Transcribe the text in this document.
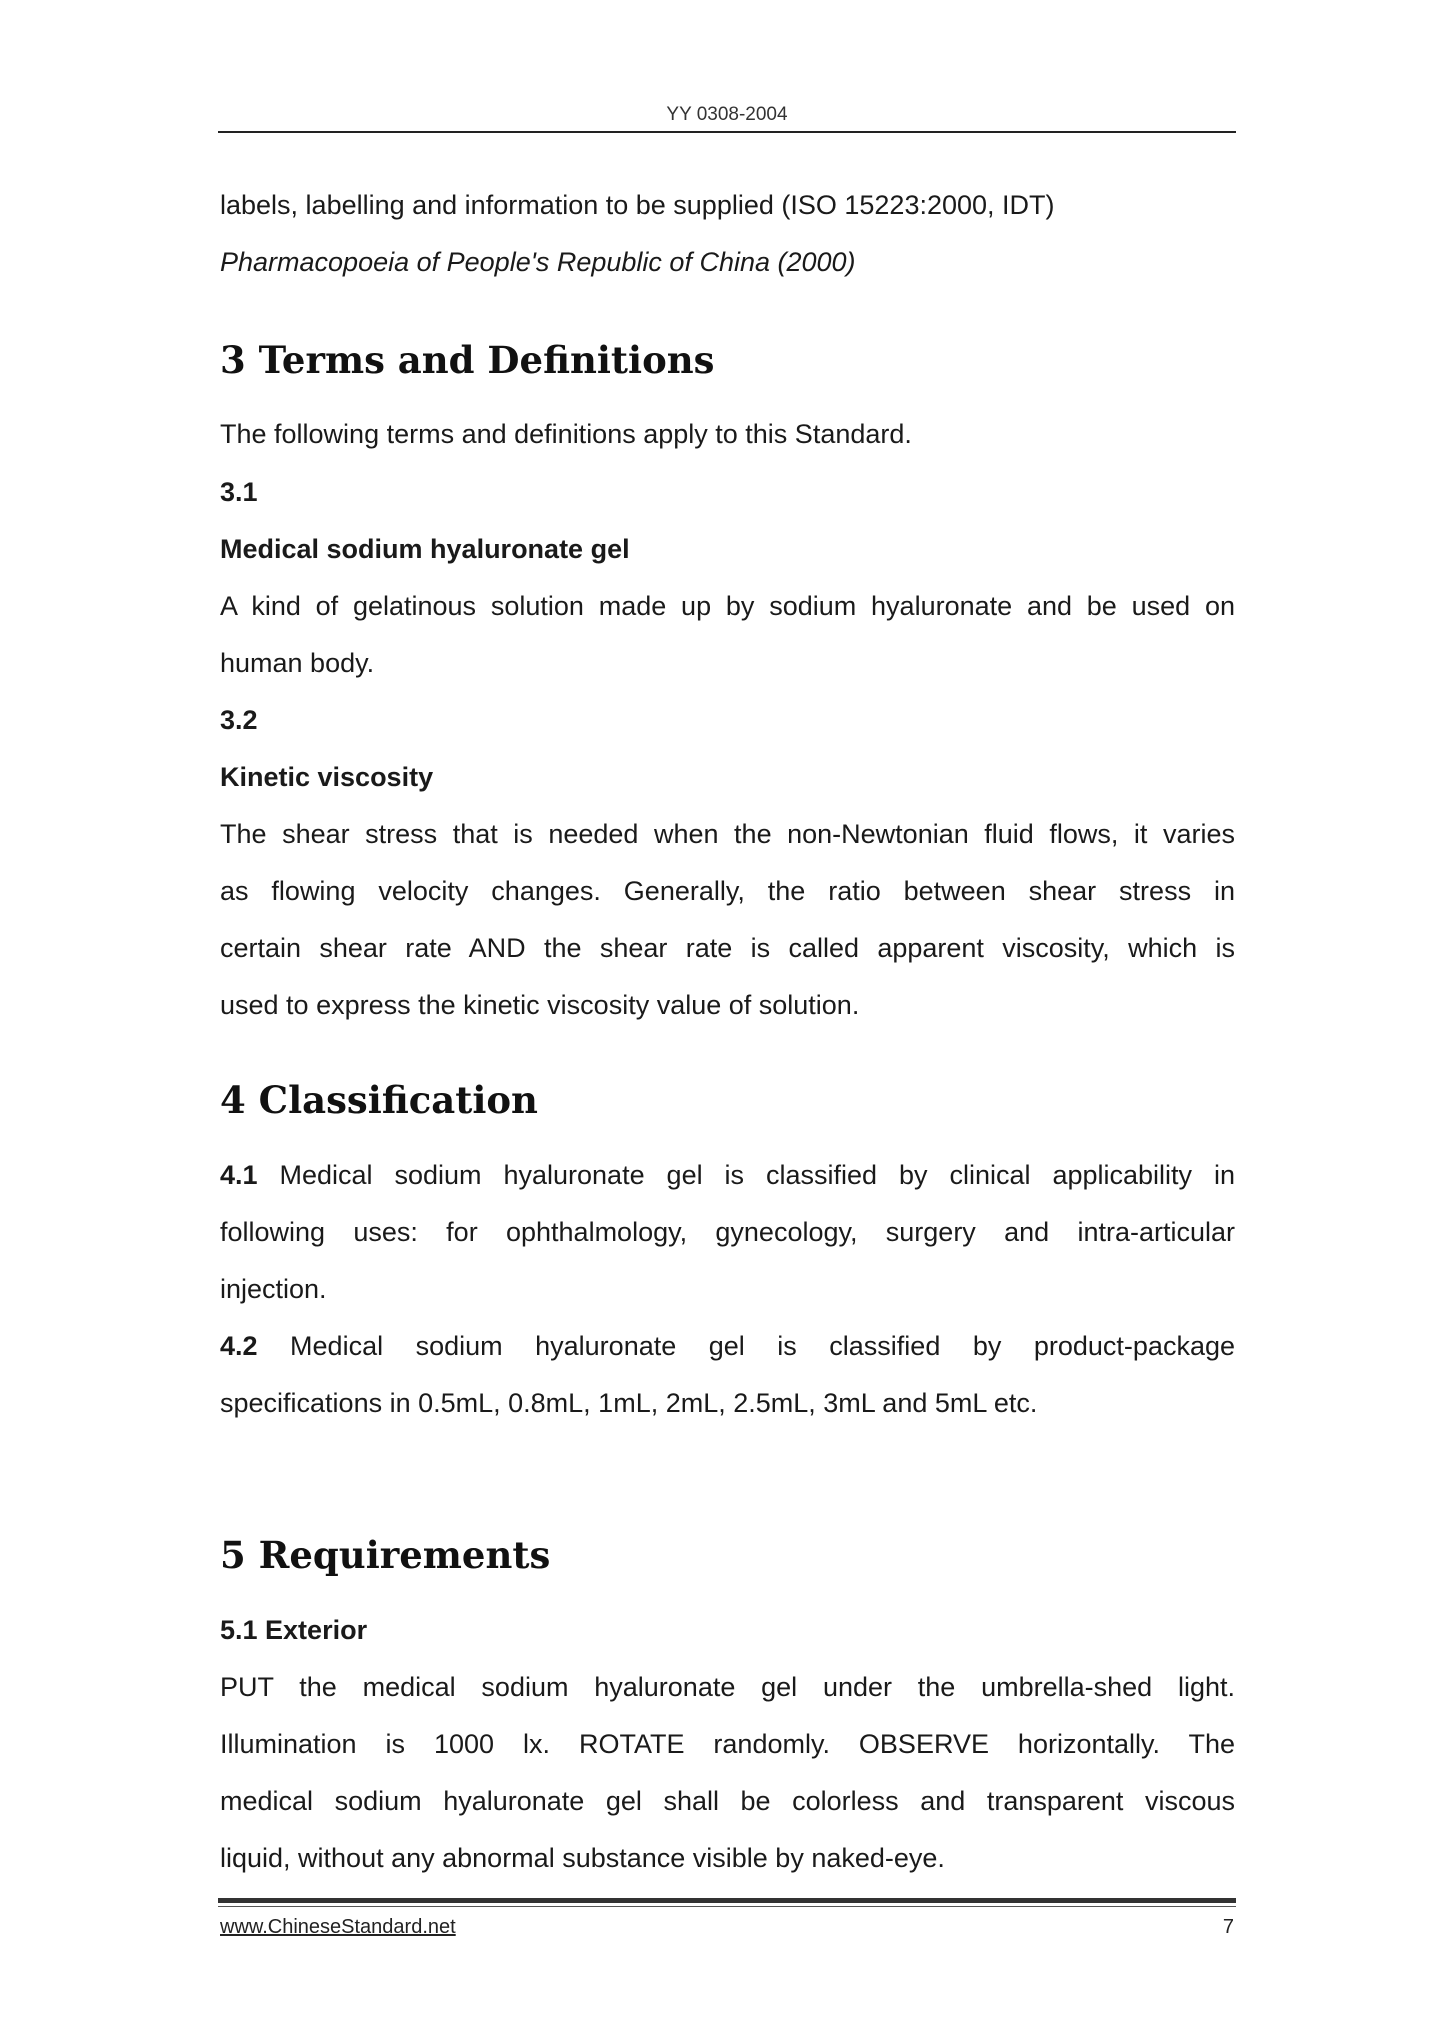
YY 0308-2004
labels, labelling and information to be supplied (ISO 15223:2000, IDT)
Pharmacopoeia of People's Republic of China (2000)
3 Terms and Definitions
The following terms and definitions apply to this Standard.
3.1
Medical sodium hyaluronate gel
A kind of gelatinous solution made up by sodium hyaluronate and be used on
human body.
3.2
Kinetic viscosity
The shear stress that is needed when the non-Newtonian fluid flows, it varies
as flowing velocity changes. Generally, the ratio between shear stress in
certain shear rate AND the shear rate is called apparent viscosity, which is
used to express the kinetic viscosity value of solution.
4 Classification
4.1 Medical sodium hyaluronate gel is classified by clinical applicability in
following uses: for ophthalmology, gynecology, surgery and intra-articular
injection.
4.2 Medical sodium hyaluronate gel is classified by product-package
specifications in 0.5mL, 0.8mL, 1mL, 2mL, 2.5mL, 3mL and 5mL etc.
5 Requirements
5.1 Exterior
PUT the medical sodium hyaluronate gel under the umbrella-shed light.
Illumination is 1000 lx. ROTATE randomly. OBSERVE horizontally. The
medical sodium hyaluronate gel shall be colorless and transparent viscous
liquid, without any abnormal substance visible by naked-eye.
www.ChineseStandard.net	7
